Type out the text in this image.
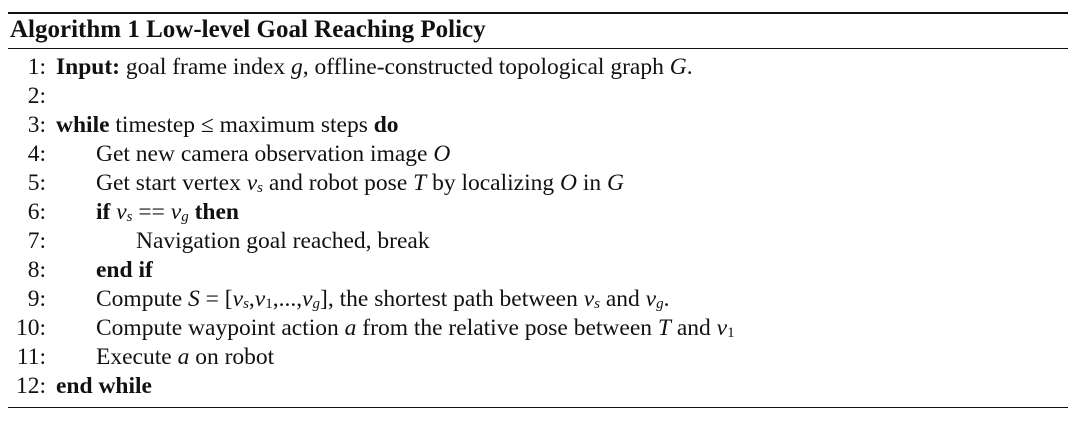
Algorithm 1 Low-level Goal Reaching Policy
1: Input: goal frame index g, offline-constructed topological graph G.
2:
3: while timestep ≤ maximum steps do
4: Get new camera observation image O
5: Get start vertex $v_s$ and robot pose T by localizing O in G
6: if $v_s == v_g$ then
7:	Navigation goal reached, break
8: end if
9: Compute $S = [v_s,v_1,...,v_g]$, the shortest path between $v_s$ and $v_g$.
10: Compute waypoint action a from the relative pose between T and $v_1$
11: Execute a on robot
12: end while
